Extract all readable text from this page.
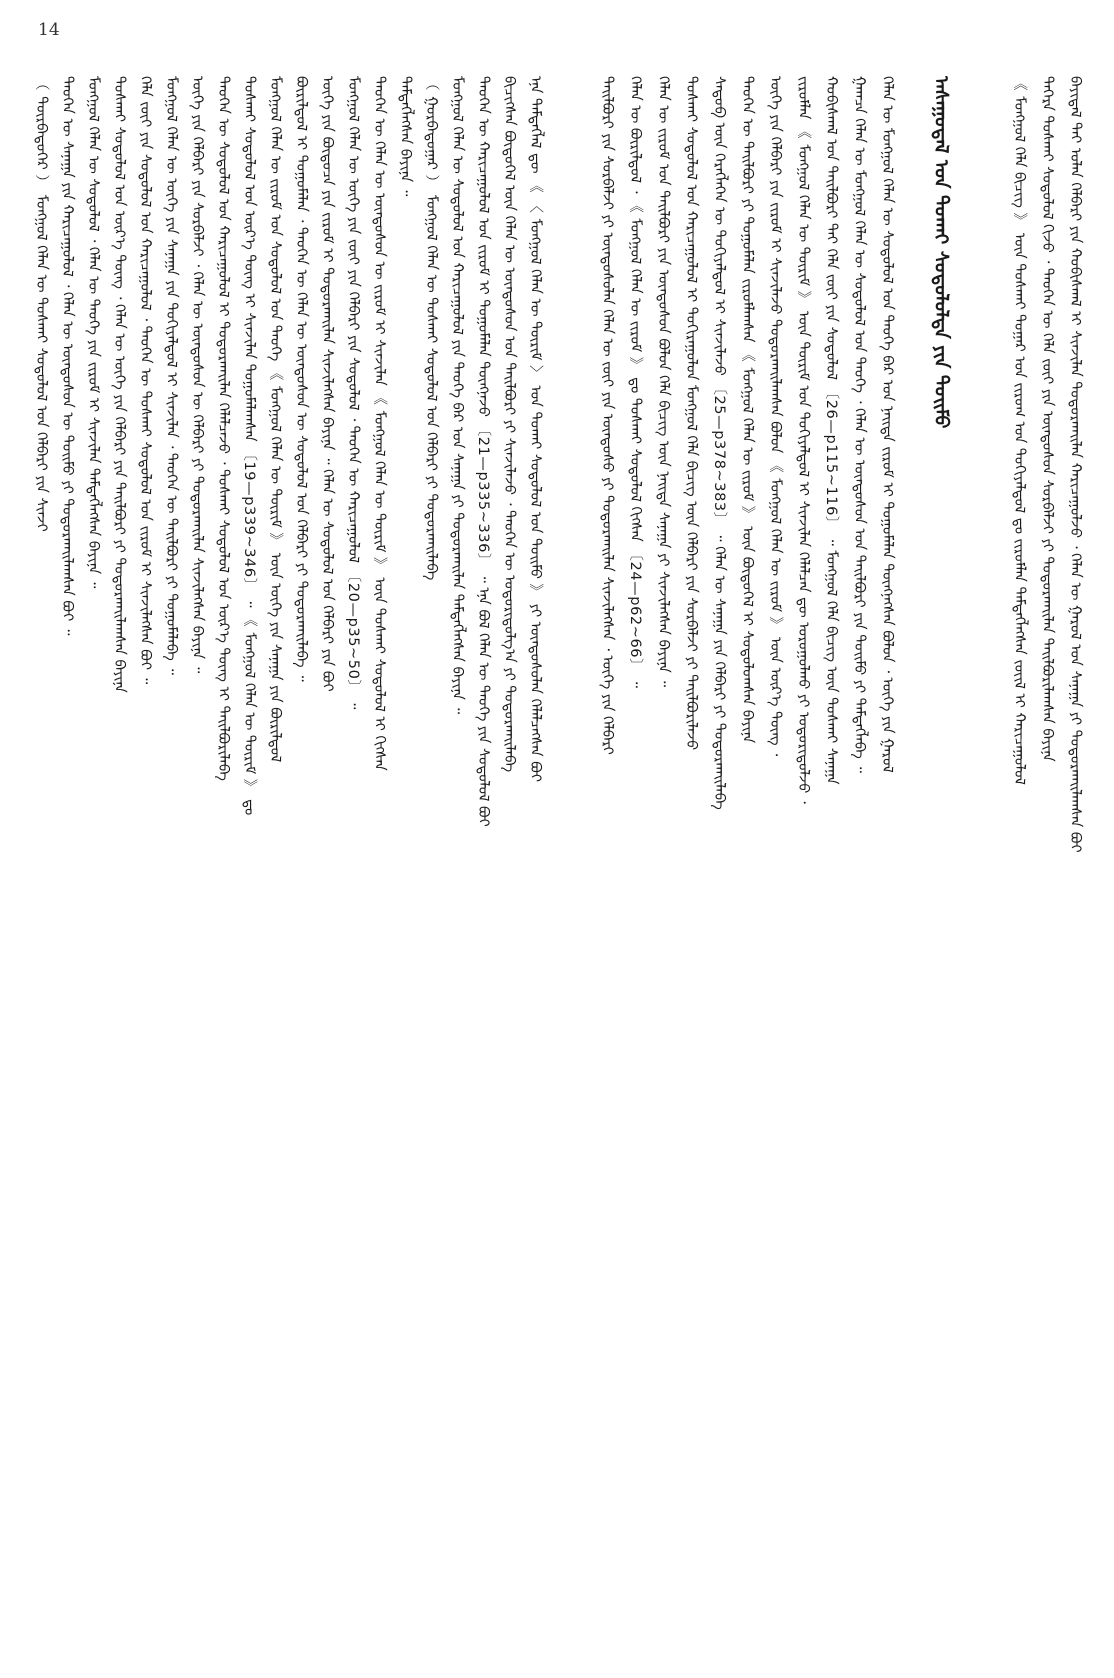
14
ᠪᠠᠶᠢᠳᠠᠯ ᠲᠠᠢ ᠤᠯᠠᠨ ᠬᠡᠯᠪᠡᠷᠢ ᠶᠢᠨ ᠬᠤᠪᠢᠰᠬᠠᠯ ᠢ ᠰᠢᠨᠵᠢᠯᠡᠨ ᠲᠤᠳᠤᠷᠬᠠᠢᠯᠠᠨ ᠬᠠᠷᠢᠴᠠᠭᠤᠯᠵᠤ ᠂ ᠬᠡᠯᠡᠨ ᠦ ᠭᠠᠷᠤᠯ ᠤᠨ ᠰᠠᠨᠠᠭᠠ ᠶᠢ ᠲᠣᠳᠤᠷᠬᠠᠢᠯᠠᠭᠰᠠᠨ ᠪᠤᠢ
ᠳᠡᠭᠡᠷᠡ ᠲᠤᠰᠬᠠᠢ ᠰᠤᠳᠤᠯᠤᠯ ᠬᠢᠵᠦ ᠂ ᠲᠡᠦᠬᠡᠨ ᠦ ᠬᠡᠯᠡ ᠵᠦᠢ ᠶᠢᠨ ᠦᠨᠳᠦᠰᠦᠨ ᠰᠤᠷᠪᠠᠯᠵᠢ ᠶᠢ ᠲᠣᠳᠤᠷᠬᠠᠢᠯᠠᠨ ᠲᠠᠢᠯᠪᠤᠷᠢᠯᠠᠭᠰᠠᠨ ᠪᠠᠶᠢᠨᠠ
《 ᠮᠣᠩᠭᠣᠯ ᠬᠡᠯᠡ ᠪᠢᠴᠢᠭ 》 ᠦᠨ ᠲᠤᠰᠬᠠᠢ ᠳᠤᠭᠠᠷ ᠤᠨ ᠵᠢᠷᠤᠭ ᠤᠨ ᠲᠣᠬᠢᠶᠠᠯᠳᠤᠯ ᠳᠤ ᠵᠢᠷᠤᠮᠯᠠᠨ ᠲᠡᠮᠳᠡᠭᠯᠡᠭᠰᠡᠨ ᠵᠦᠢᠯ ᠢ ᠬᠠᠷᠢᠴᠠᠭᠤᠯᠤᠯ
ᠠᠰᠠᠭᠤᠳᠠᠯ ᠤᠨ ᠲᠤᠬᠠᠢ ᠰᠤᠳᠤᠯᠤᠯᠲᠠ ᠶᠢᠨ ᠲᠣᠢᠮᠤ
ᠬᠡᠯᠡᠨ ᠦ ᠮᠣᠩᠭᠣᠯ ᠬᠡᠯᠡᠨ ᠦ ᠰᠤᠳᠤᠯᠤᠯ ᠤᠨ ᠲᠡᠦᠬᠡ ᠪᠠᠷ ᠤᠨ ᠨᠡᠢᠲᠡ ᠵᠢᠷᠤᠮ ᠢ ᠲᠤᠭᠤᠮᠠᠯᠠᠨ ᠳᠦᠩᠨᠡᠭᠰᠡᠨ ᠪᠣᠯᠤᠨ ᠂ ᠦᠭᠡ ᠶᠢᠨ ᠭᠠᠷᠤᠯ
ᠭᠠᠭᠴᠠ ᠬᠡᠯᠡᠨ ᠦ ᠮᠣᠩᠭᠣᠯ ᠬᠡᠯᠡᠨ ᠦ ᠰᠤᠳᠤᠯᠤᠯ ᠤᠨ ᠲᠡᠦᠬᠡ ᠂ ᠬᠡᠯᠡᠨ ᠦ ᠦᠨᠳᠦᠰᠦᠨ ᠤᠨ ᠲᠠᠢᠯᠪᠤᠷᠢ ᠶᠢᠨ ᠲᠣᠢᠮᠤ ᠶᠢ ᠲᠡᠮᠳᠡᠭᠯᠡᠪᠡ ᠃
ᠬᠤᠪᠢᠰᠬᠠᠯ ᠤᠨ ᠲᠠᠢᠯᠪᠤᠷᠢ ᠲᠠᠢ ᠬᠡᠯᠡ ᠵᠦᠢ ᠶᠢᠨ ᠰᠤᠳᠤᠯᠤᠯ 〔26—p115~116〕 ᠃ ᠮᠣᠩᠭᠣᠯ ᠬᠡᠯᠡ ᠪᠢᠴᠢᠭ ᠦᠨ ᠲᠤᠰᠬᠠᠢ ᠰᠠᠨᠠᠭᠠ
ᠵᠢᠷᠤᠮᠯᠠᠨ 《 ᠮᠣᠩᠭᠣᠯ ᠬᠡᠯᠡᠨ ᠦ ᠳᠦᠷᠢᠮ 》 ᠦᠨ ᠳᠦᠷᠢᠮ ᠤᠨ ᠲᠣᠬᠢᠶᠠᠯᠳᠤᠯ ᠢ ᠰᠢᠨᠵᠢᠯᠡᠨ ᠬᠡᠯᠡᠯᠴᠡᠨ ᠳᠦ ᠣᠷᠣᠭᠤᠯᠬᠤ ᠶᠢ ᠤᠳᠤᠷᠢᠳᠤᠯᠵᠤ ᠂
ᠦᠭᠡ ᠶᠢᠨ ᠬᠡᠯᠪᠡᠷᠢ ᠶᠢᠨ ᠵᠢᠷᠤᠮ ᠢ ᠰᠢᠨᠵᠢᠯᠡᠵᠦ ᠲᠣᠳᠤᠷᠬᠠᠢᠯᠠᠭᠰᠠᠨ ᠪᠣᠯᠤᠨ 《 ᠮᠣᠩᠭᠣᠯ ᠬᠡᠯᠡᠨ ᠦ ᠵᠢᠷᠤᠮ 》 ᠦᠨ ᠦᠷ᠎ᠡ ᠳᠦᠩ ᠂
ᠲᠡᠦᠬᠡᠨ ᠦ ᠲᠠᠢᠯᠪᠤᠷᠢ ᠶᠢ ᠲᠤᠭᠤᠮᠠᠯᠠᠨ ᠵᠢᠷᠤᠮᠯᠠᠭᠰᠠᠨ 《 ᠮᠣᠩᠭᠣᠯ ᠬᠡᠯᠡᠨ ᠦ ᠵᠢᠷᠤᠮ 》 ᠦᠨ ᠪᠦᠲᠦᠭᠡᠯ ᠢ ᠰᠤᠳᠤᠯᠤᠭᠰᠠᠨ ᠪᠠᠶᠢᠨᠠ
ᠰᠡᠳᠦᠪ ᠦᠨ ᠬᠡᠷᠡᠭᠯᠡᠭᠡᠨ ᠦ ᠲᠣᠬᠢᠶᠠᠯᠳᠤᠯ ᠢ ᠰᠢᠨᠵᠢᠯᠡᠵᠦ 〔25—p378~383〕 ᠃ ᠬᠡᠯᠡᠨ ᠦ ᠰᠠᠨᠠᠭᠠ ᠶᠢᠨ ᠬᠡᠯᠪᠡᠷᠢ ᠶᠢ ᠲᠣᠳᠤᠷᠬᠠᠢᠯᠠᠪᠠ
ᠲᠤᠰᠬᠠᠢ ᠰᠤᠳᠤᠯᠤᠯ ᠤᠨ ᠬᠠᠷᠢᠴᠠᠭᠤᠯᠤᠯ ᠢ ᠲᠣᠬᠢᠷᠠᠭᠤᠯᠤᠨ ᠮᠣᠩᠭᠣᠯ ᠬᠡᠯᠡ ᠪᠢᠴᠢᠭ ᠦᠨ ᠬᠡᠯᠪᠡᠷᠢ ᠶᠢᠨ ᠰᠤᠷᠪᠠᠯᠵᠢ ᠶᠢ ᠲᠠᠢᠯᠪᠤᠷᠢᠯᠠᠵᠤ
ᠬᠡᠯᠡᠨ ᠦ ᠵᠢᠷᠤᠮ ᠤᠨ ᠲᠠᠢᠯᠪᠤᠷᠢ ᠶᠢᠨ ᠦᠨᠳᠦᠰᠦᠨ ᠪᠣᠯᠤᠨ ᠬᠡᠯᠡ ᠪᠢᠴᠢᠭ ᠦᠨ ᠨᠡᠢᠲᠡ ᠰᠠᠨᠠᠭᠠ ᠶᠢ ᠰᠢᠨᠵᠢᠯᠡᠭᠰᠡᠨ ᠪᠠᠶᠢᠨᠠ ᠃
ᠬᠡᠯᠡᠨ ᠦ ᠪᠦᠷᠢᠯᠳᠦᠯ ᠂ 《 ᠮᠣᠩᠭᠣᠯ ᠬᠡᠯᠡᠨ ᠦ ᠵᠢᠷᠤᠮ 》 ᠳᠤ ᠲᠤᠰᠬᠠᠢ ᠰᠤᠳᠤᠯᠤᠯ ᠬᠢᠭᠰᠡᠨ 〔24—p62~66〕 ᠃
ᠲᠠᠢᠯᠪᠤᠷᠢ ᠶᠢᠨ ᠰᠤᠷᠪᠠᠯᠵᠢ ᠶᠢ ᠦᠨᠳᠦᠰᠦᠯᠡᠨ ᠬᠡᠯᠡᠨ ᠦ ᠵᠦᠢ ᠶᠢᠨ ᠦᠨᠳᠦᠰᠦ ᠶᠢ ᠲᠣᠳᠤᠷᠬᠠᠢᠯᠠᠨ ᠰᠢᠨᠵᠢᠯᠡᠭᠰᠡᠨ ᠂ ᠦᠭᠡ ᠶᠢᠨ ᠬᠡᠯᠪᠡᠷᠢ
ᠡᠨᠡ ᠲᠡᠮᠳᠡᠭᠯᠡᠯ ᠳᠦ 《 〈 ᠮᠣᠩᠭᠣᠯ ᠬᠡᠯᠡᠨ ᠦ ᠳᠦᠷᠢᠮ 〉 ᠤᠨ ᠲᠤᠬᠠᠢ ᠰᠤᠳᠤᠯᠤᠯ ᠤᠨ ᠲᠣᠢᠮᠤ 》 ᠶᠢ ᠦᠨᠳᠦᠰᠦᠯᠡᠨ ᠬᠡᠯᠡᠯᠴᠡᠭᠰᠡᠨ ᠪᠤᠢ
ᠪᠢᠴᠢᠭᠰᠡᠨ ᠪᠦᠲᠦᠭᠡᠯ ᠦᠨ ᠬᠡᠯᠡᠨ ᠦ ᠦᠨᠳᠦᠰᠦᠨ ᠤᠨ ᠲᠠᠢᠯᠪᠤᠷᠢ ᠶᠢ ᠰᠢᠨᠵᠢᠯᠡᠵᠦ ᠂ ᠲᠡᠦᠬᠡᠨ ᠦ ᠤᠳᠤᠷᠢᠳᠤᠯᠭ᠎ᠠ ᠶᠢ ᠲᠣᠳᠤᠷᠬᠠᠢᠯᠠᠪᠠ
ᠲᠡᠦᠬᠡᠨ ᠦ ᠬᠠᠷᠢᠴᠠᠭᠤᠯᠤᠯ ᠤᠨ ᠵᠢᠷᠤᠮ ᠢ ᠲᠤᠭᠤᠮᠠᠯᠠᠨ ᠳᠦᠩᠨᠡᠵᠦ 〔21—p335~336〕 ᠃ ᠡᠨᠡ ᠪᠣᠯ ᠬᠡᠯᠡᠨ ᠦ ᠲᠡᠦᠬᠡ ᠶᠢᠨ ᠰᠤᠳᠤᠯᠤᠯ ᠪᠤᠢ
ᠮᠣᠩᠭᠣᠯ ᠬᠡᠯᠡᠨ ᠦ ᠰᠤᠳᠤᠯᠤᠯ ᠤᠨ ᠬᠠᠷᠢᠴᠠᠭᠤᠯᠤᠯ ᠶᠢᠨ ᠲᠡᠦᠬᠡ ᠪᠠᠷ ᠤᠨ ᠰᠠᠨᠠᠭᠠ ᠶᠢ ᠲᠣᠳᠤᠷᠬᠠᠢᠯᠠᠨ ᠲᠡᠮᠳᠡᠭᠯᠡᠭᠰᠡᠨ ᠪᠠᠶᠢᠨᠠ ᠃
（ ᠭᠤᠷᠪᠠᠳᠤᠭᠠᠷ ） ᠮᠣᠩᠭᠣᠯ ᠬᠡᠯᠡᠨ ᠦ ᠲᠤᠰᠬᠠᠢ ᠰᠤᠳᠤᠯᠤᠯ ᠤᠨ ᠬᠡᠯᠪᠡᠷᠢ ᠶᠢ ᠲᠣᠳᠤᠷᠬᠠᠢᠯᠠᠪᠠ
ᠲᠡᠮᠳᠡᠭᠯᠡᠭᠰᠡᠨ ᠪᠠᠶᠢᠨᠠ ᠃
ᠲᠡᠦᠬᠡᠨ ᠦ ᠬᠡᠯᠡᠨ ᠦ ᠦᠨᠳᠦᠰᠦᠨ ᠦ ᠵᠢᠷᠤᠮ ᠢ ᠰᠢᠨᠵᠢᠯᠡᠨ 《 ᠮᠣᠩᠭᠣᠯ ᠬᠡᠯᠡᠨ ᠦ ᠳᠦᠷᠢᠮ 》 ᠦᠨ ᠲᠤᠰᠬᠠᠢ ᠰᠤᠳᠤᠯᠤᠯ ᠢ ᠬᠢᠭᠰᠡᠨ
ᠮᠣᠩᠭᠣᠯ ᠬᠡᠯᠡᠨ ᠦ ᠦᠭᠡ ᠶᠢᠨ ᠵᠦᠢ ᠶᠢᠨ ᠬᠡᠯᠪᠡᠷᠢ ᠶᠢᠨ ᠰᠤᠳᠤᠯᠤᠯ ᠂ ᠲᠡᠦᠬᠡᠨ ᠦ ᠬᠠᠷᠢᠴᠠᠭᠤᠯᠤᠯ 〔20—p35~50〕 ᠃
ᠦᠭᠡ ᠶᠢᠨ ᠪᠦᠲᠦᠴᠡ ᠶᠢᠨ ᠵᠢᠷᠤᠮ ᠢ ᠲᠣᠳᠤᠷᠬᠠᠢᠯᠠᠨ ᠰᠢᠨᠵᠢᠯᠡᠭᠰᠡᠨ ᠪᠠᠶᠢᠨᠠ ᠃ ᠬᠡᠯᠡᠨ ᠦ ᠰᠤᠳᠤᠯᠤᠯ ᠤᠨ ᠬᠡᠯᠪᠡᠷᠢ ᠶᠢᠨ ᠪᠤᠢ
ᠪᠦᠷᠢᠯᠳᠦᠯ ᠢ ᠲᠤᠭᠤᠮᠠᠯᠠᠨ ᠂ ᠲᠡᠦᠬᠡᠨ ᠦ ᠬᠡᠯᠡᠨ ᠦ ᠦᠨᠳᠦᠰᠦᠨ ᠦ ᠰᠤᠳᠤᠯᠤᠯ ᠤᠨ ᠬᠡᠯᠪᠡᠷᠢ ᠶᠢ ᠲᠣᠳᠤᠷᠬᠠᠢᠯᠠᠪᠠ ᠃
ᠮᠣᠩᠭᠣᠯ ᠬᠡᠯᠡᠨ ᠦ ᠵᠢᠷᠤᠮ ᠤᠨ ᠰᠤᠳᠤᠯᠤᠯ ᠤᠨ ᠲᠡᠦᠬᠡ 《 ᠮᠣᠩᠭᠣᠯ ᠬᠡᠯᠡᠨ ᠦ ᠳᠦᠷᠢᠮ 》 ᠦᠨ ᠦᠭᠡ ᠶᠢᠨ ᠰᠠᠨᠠᠭᠠ ᠶᠢᠨ ᠪᠦᠷᠢᠯᠳᠦᠯ
ᠲᠤᠰᠬᠠᠢ ᠰᠤᠳᠤᠯᠤᠯ ᠤᠨ ᠦᠷ᠎ᠡ ᠳᠦᠩ ᠢ ᠰᠢᠨᠵᠢᠯᠡᠨ ᠲᠤᠭᠤᠮᠠᠯᠠᠭᠰᠠᠨ 〔19—p339~346〕 ᠃ 《 ᠮᠣᠩᠭᠣᠯ ᠬᠡᠯᠡᠨ ᠦ ᠳᠦᠷᠢᠮ 》 ᠳᠤ
ᠲᠡᠦᠬᠡᠨ ᠦ ᠰᠤᠳᠤᠯᠤᠯ ᠤᠨ ᠬᠠᠷᠢᠴᠠᠭᠤᠯᠤᠯ ᠢ ᠲᠣᠳᠤᠷᠬᠠᠢᠯᠠᠨ ᠬᠡᠯᠡᠯᠴᠡᠵᠦ ᠂ ᠲᠤᠰᠬᠠᠢ ᠰᠤᠳᠤᠯᠤᠯ ᠤᠨ ᠦᠷ᠎ᠡ ᠳᠦᠩ ᠢ ᠲᠠᠢᠯᠪᠤᠷᠢᠯᠠᠪᠠ
ᠦᠭᠡ ᠶᠢᠨ ᠬᠡᠯᠪᠡᠷᠢ ᠶᠢᠨ ᠰᠤᠷᠪᠠᠯᠵᠢ ᠂ ᠬᠡᠯᠡᠨ ᠦ ᠦᠨᠳᠦᠰᠦᠨ ᠦ ᠬᠡᠯᠪᠡᠷᠢ ᠶᠢ ᠲᠣᠳᠤᠷᠬᠠᠢᠯᠠᠨ ᠰᠢᠨᠵᠢᠯᠡᠭᠰᠡᠨ ᠪᠠᠶᠢᠨᠠ ᠃
ᠮᠣᠩᠭᠣᠯ ᠬᠡᠯᠡᠨ ᠦ ᠦᠭᠡ ᠶᠢᠨ ᠰᠠᠨᠠᠭᠠ ᠶᠢᠨ ᠲᠣᠬᠢᠶᠠᠯᠳᠤᠯ ᠢ ᠰᠢᠨᠵᠢᠯᠡᠨ ᠂ ᠲᠡᠦᠬᠡᠨ ᠦ ᠲᠠᠢᠯᠪᠤᠷᠢ ᠶᠢ ᠲᠤᠭᠤᠮᠠᠯᠠᠪᠠ ᠃
ᠬᠡᠯᠡ ᠵᠦᠢ ᠶᠢᠨ ᠰᠤᠳᠤᠯᠤᠯ ᠤᠨ ᠬᠠᠷᠢᠴᠠᠭᠤᠯᠤᠯ ᠂ ᠲᠡᠦᠬᠡᠨ ᠦ ᠲᠤᠰᠬᠠᠢ ᠰᠤᠳᠤᠯᠤᠯ ᠤᠨ ᠵᠢᠷᠤᠮ ᠢ ᠰᠢᠨᠵᠢᠯᠡᠭᠰᠡᠨ ᠪᠤᠢ ᠃
ᠲᠤᠰᠬᠠᠢ ᠰᠤᠳᠤᠯᠤᠯ ᠤᠨ ᠦᠷ᠎ᠡ ᠳᠦᠩ ᠂ ᠬᠡᠯᠡᠨ ᠦ ᠦᠭᠡ ᠶᠢᠨ ᠬᠡᠯᠪᠡᠷᠢ ᠶᠢᠨ ᠲᠠᠢᠯᠪᠤᠷᠢ ᠶᠢ ᠲᠣᠳᠤᠷᠬᠠᠢᠯᠠᠭᠰᠠᠨ ᠪᠠᠶᠢᠨᠠ
ᠮᠣᠩᠭᠣᠯ ᠬᠡᠯᠡᠨ ᠦ ᠰᠤᠳᠤᠯᠤᠯ ᠂ ᠬᠡᠯᠡᠨ ᠦ ᠲᠡᠦᠬᠡ ᠶᠢᠨ ᠵᠢᠷᠤᠮ ᠢ ᠰᠢᠨᠵᠢᠯᠡᠨ ᠲᠡᠮᠳᠡᠭᠯᠡᠭᠰᠡᠨ ᠪᠠᠶᠢᠨᠠ ᠃
ᠲᠡᠦᠬᠡᠨ ᠦ ᠰᠠᠨᠠᠭᠠ ᠶᠢᠨ ᠬᠠᠷᠢᠴᠠᠭᠤᠯᠤᠯ ᠂ ᠬᠡᠯᠡᠨ ᠦ ᠦᠨᠳᠦᠰᠦᠨ ᠦ ᠲᠣᠢᠮᠤ ᠶᠢ ᠲᠣᠳᠤᠷᠬᠠᠢᠯᠠᠭᠰᠠᠨ ᠪᠤᠢ ᠃
（ ᠳᠦᠷᠪᠡᠳᠦᠭᠡᠷ ） ᠮᠣᠩᠭᠣᠯ ᠬᠡᠯᠡᠨ ᠦ ᠲᠤᠰᠬᠠᠢ ᠰᠤᠳᠤᠯᠤᠯ ᠤᠨ ᠬᠡᠯᠪᠡᠷᠢ ᠶᠢᠨ ᠰᠢᠨᠵᠢ
